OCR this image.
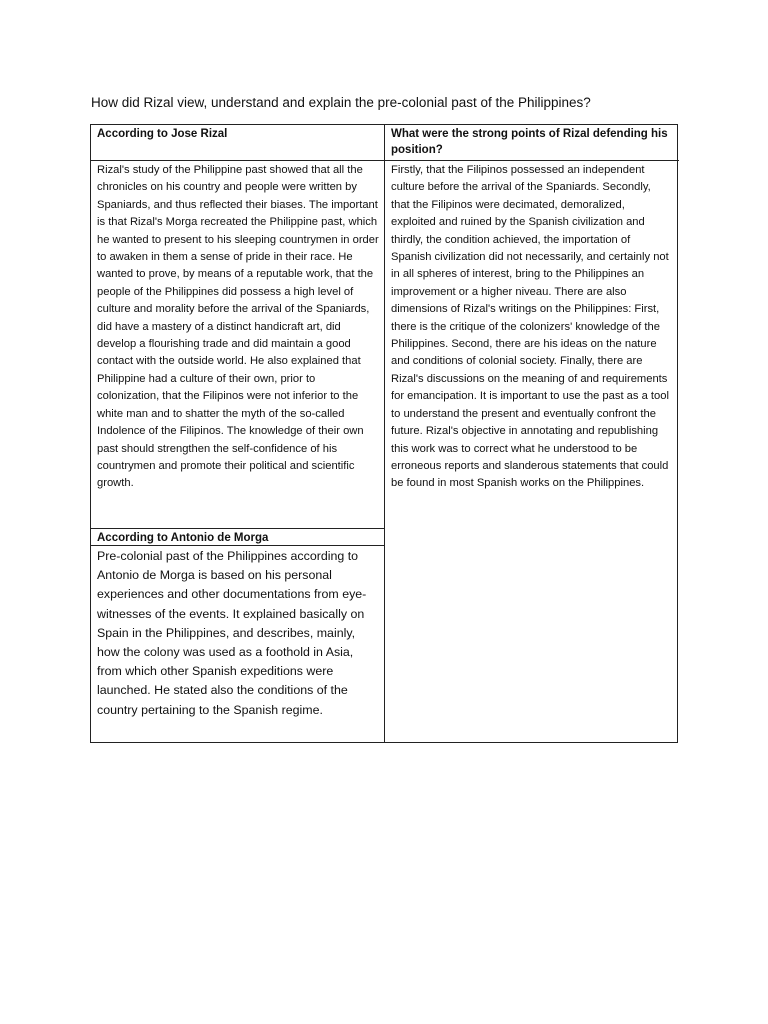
How did Rizal view, understand and explain the pre-colonial past of the Philippines?
According to Jose Rizal	What were the strong points of Rizal defending his position?
Rizal's study of the Philippine past showed that all the chronicles on his country and people were written by Spaniards, and thus reflected their biases. The important is that Rizal's Morga recreated the Philippine past, which he wanted to present to his sleeping countrymen in order to awaken in them a sense of pride in their race. He wanted to prove, by means of a reputable work, that the people of the Philippines did possess a high level of culture and morality before the arrival of the Spaniards, did have a mastery of a distinct handicraft art, did develop a flourishing trade and did maintain a good contact with the outside world. He also explained that Philippine had a culture of their own, prior to colonization, that the Filipinos were not inferior to the white man and to shatter the myth of the so-called Indolence of the Filipinos. The knowledge of their own past should strengthen the self-confidence of his countrymen and promote their political and scientific growth.
Firstly, that the Filipinos possessed an independent culture before the arrival of the Spaniards. Secondly, that the Filipinos were decimated, demoralized, exploited and ruined by the Spanish civilization and thirdly, the condition achieved, the importation of Spanish civilization did not necessarily, and certainly not in all spheres of interest, bring to the Philippines an improvement or a higher niveau. There are also dimensions of Rizal's writings on the Philippines: First, there is the critique of the colonizers' knowledge of the Philippines. Second, there are his ideas on the nature and conditions of colonial society. Finally, there are Rizal's discussions on the meaning of and requirements for emancipation. It is important to use the past as a tool to understand the present and eventually confront the future. Rizal's objective in annotating and republishing this work was to correct what he understood to be erroneous reports and slanderous statements that could be found in most Spanish works on the Philippines.
According to Antonio de Morga
Pre-colonial past of the Philippines according to Antonio de Morga is based on his personal experiences and other documentations from eye-witnesses of the events. It explained basically on Spain in the Philippines, and describes, mainly, how the colony was used as a foothold in Asia, from which other Spanish expeditions were launched. He stated also the conditions of the country pertaining to the Spanish regime.
